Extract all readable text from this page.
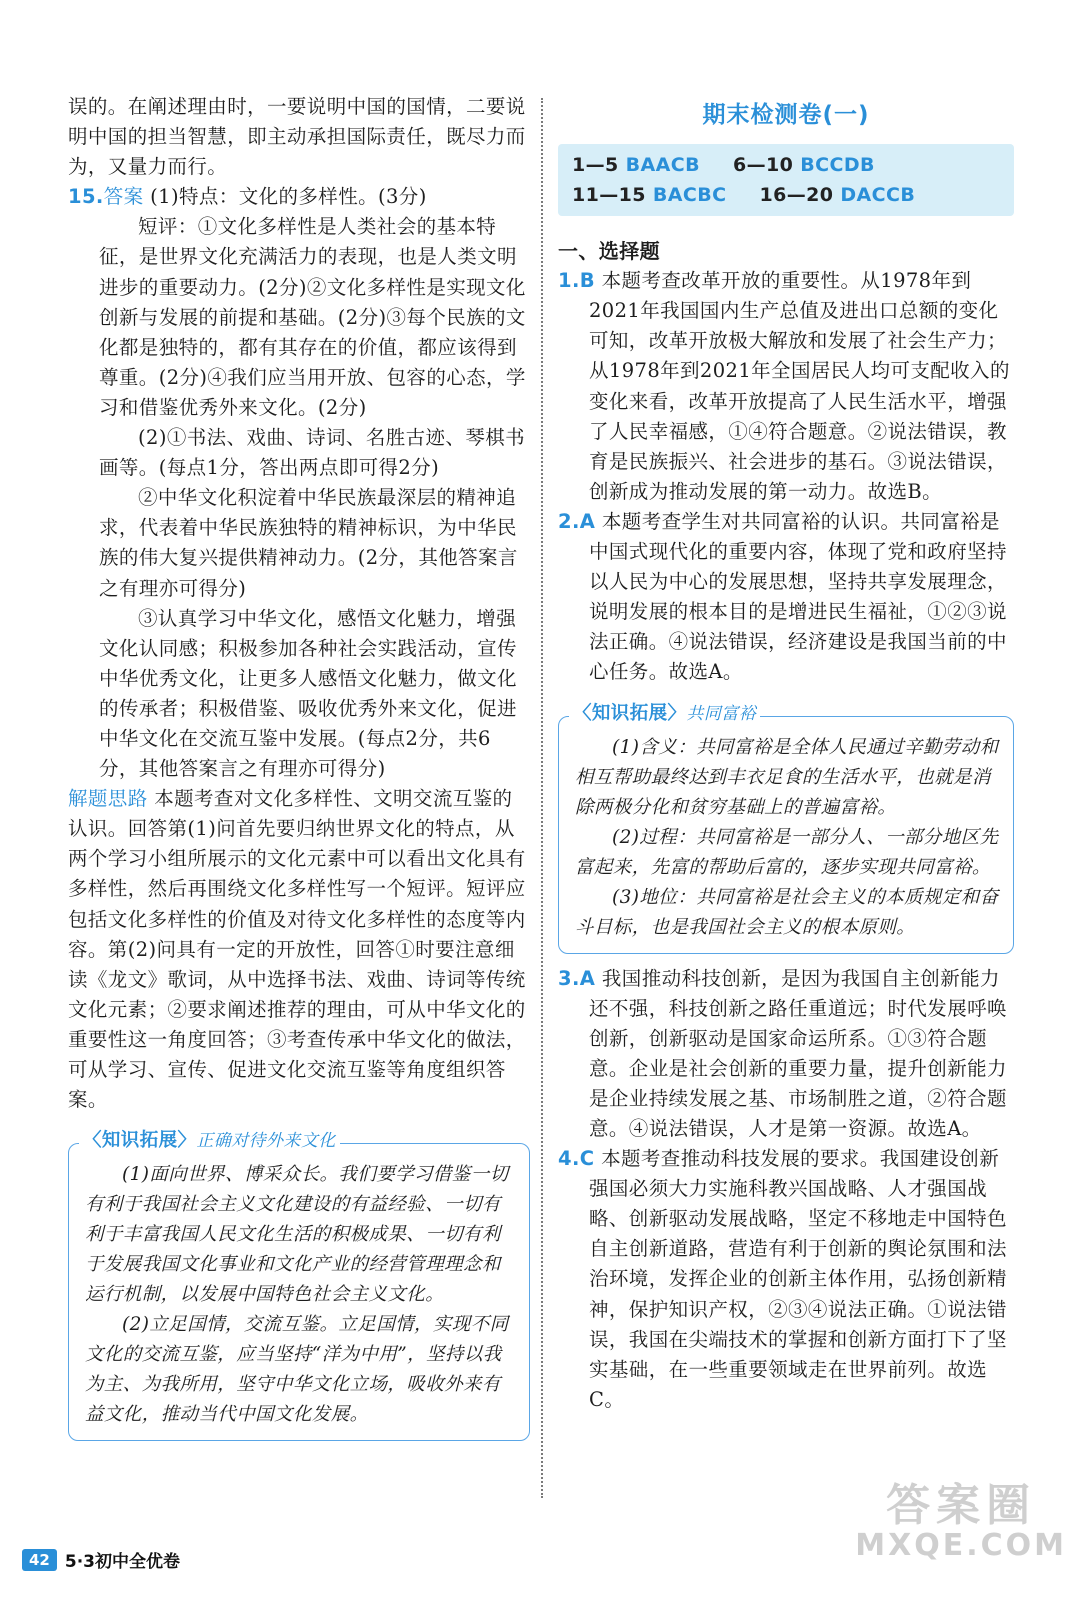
误的。在阐述理由时，一要说明中国的国情，二要说明中国的担当智慧，即主动承担国际责任，既尽力而为，又量力而行。

15.答案 (1)特点：文化的多样性。(3分)

短评：①文化多样性是人类社会的基本特征，是世界文化充满活力的表现，也是人类文明进步的重要动力。(2分)②文化多样性是实现文化创新与发展的前提和基础。(2分)③每个民族的文化都是独特的，都有其存在的价值，都应该得到尊重。(2分)④我们应当用开放、包容的心态，学习和借鉴优秀外来文化。(2分)

(2)①书法、戏曲、诗词、名胜古迹、琴棋书画等。(每点1分，答出两点即可得2分)

②中华文化积淀着中华民族最深层的精神追求，代表着中华民族独特的精神标识，为中华民族的伟大复兴提供精神动力。(2分，其他答案言之有理亦可得分)

③认真学习中华文化，感悟文化魅力，增强文化认同感；积极参加各种社会实践活动，宣传中华优秀文化，让更多人感悟文化魅力，做文化的传承者；积极借鉴、吸收优秀外来文化，促进中华文化在交流互鉴中发展。(每点2分，共6分，其他答案言之有理亦可得分)

解题思路 本题考查对文化多样性、文明交流互鉴的认识。回答第(1)问首先要归纳世界文化的特点，从两个学习小组所展示的文化元素中可以看出文化具有多样性，然后再围绕文化多样性写一个短评。短评应包括文化多样性的价值及对待文化多样性的态度等内容。第(2)问具有一定的开放性，回答①时要注意细读《龙文》歌词，从中选择书法、戏曲、诗词等传统文化元素；②要求阐述推荐的理由，可从中华文化的重要性这一角度回答；③考查传承中华文化的做法，可从学习、宣传、促进文化交流互鉴等角度组织答案。

〈知识拓展〉正确对待外来文化

(1)面向世界、博采众长。我们要学习借鉴一切有利于我国社会主义文化建设的有益经验、一切有利于丰富我国人民文化生活的积极成果、一切有利于发展我国文化事业和文化产业的经营管理理念和运行机制，以发展中国特色社会主义文化。

(2)立足国情，交流互鉴。立足国情，实现不同文化的交流互鉴，应当坚持“洋为中用”，坚持以我为主、为我所用，坚守中华文化立场，吸收外来有益文化，推动当代中国文化发展。

期末检测卷(一)
1—5 BAACB 6—10 BCCDB
11—15 BACBC 16—20 DACCB
一、选择题

1.B 本题考查改革开放的重要性。从1978年到2021年我国国内生产总值及进出口总额的变化可知，改革开放极大解放和发展了社会生产力；从1978年到2021年全国居民人均可支配收入的变化来看，改革开放提高了人民生活水平，增强了人民幸福感，①④符合题意。②说法错误，教育是民族振兴、社会进步的基石。③说法错误，创新成为推动发展的第一动力。故选B。

2.A 本题考查学生对共同富裕的认识。共同富裕是中国式现代化的重要内容，体现了党和政府坚持以人民为中心的发展思想，坚持共享发展理念，说明发展的根本目的是增进民生福祉，①②③说法正确。④说法错误，经济建设是我国当前的中心任务。故选A。

〈知识拓展〉共同富裕

(1)含义：共同富裕是全体人民通过辛勤劳动和相互帮助最终达到丰衣足食的生活水平，也就是消除两极分化和贫穷基础上的普遍富裕。

(2)过程：共同富裕是一部分人、一部分地区先富起来，先富的帮助后富的，逐步实现共同富裕。

(3)地位：共同富裕是社会主义的本质规定和奋斗目标，也是我国社会主义的根本原则。

3.A 我国推动科技创新，是因为我国自主创新能力还不强，科技创新之路任重道远；时代发展呼唤创新，创新驱动是国家命运所系。①③符合题意。企业是社会创新的重要力量，提升创新能力是企业持续发展之基、市场制胜之道，②符合题意。④说法错误，人才是第一资源。故选A。

4.C 本题考查推动科技发展的要求。我国建设创新强国必须大力实施科教兴国战略、人才强国战略、创新驱动发展战略，坚定不移地走中国特色自主创新道路，营造有利于创新的舆论氛围和法治环境，发挥企业的创新主体作用，弘扬创新精神，保护知识产权，②③④说法正确。①说法错误，我国在尖端技术的掌握和创新方面打下了坚实基础，在一些重要领域走在世界前列。故选C。

42 5·3初中全优卷
答案圈
MXQE.COM
